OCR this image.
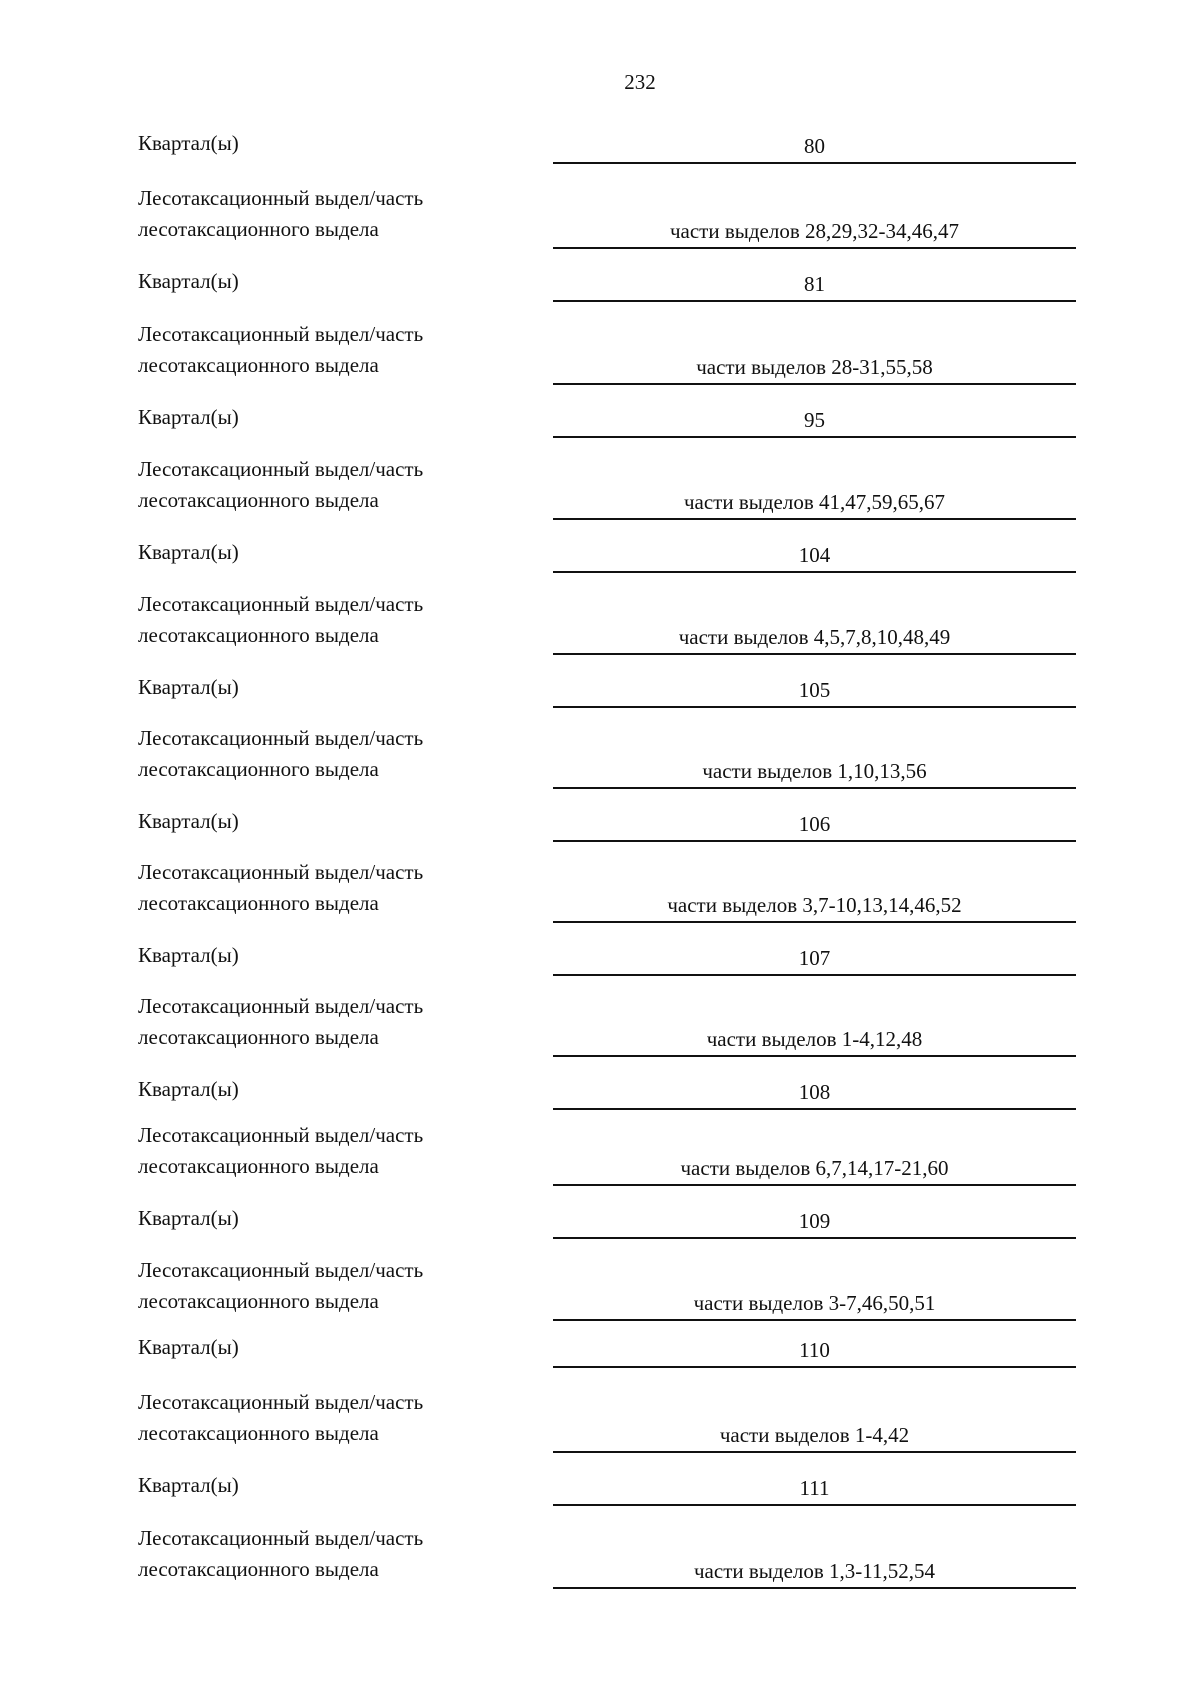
232
Квартал(ы)	80
Лесотаксационный выдел/часть
лесотаксационного выдела	части выделов 28,29,32-34,46,47
Квартал(ы)	81
Лесотаксационный выдел/часть
лесотаксационного выдела	части выделов 28-31,55,58
Квартал(ы)	95
Лесотаксационный выдел/часть
лесотаксационного выдела	части выделов 41,47,59,65,67
Квартал(ы)	104
Лесотаксационный выдел/часть
лесотаксационного выдела	части выделов 4,5,7,8,10,48,49
Квартал(ы)	105
Лесотаксационный выдел/часть
лесотаксационного выдела	части выделов 1,10,13,56
Квартал(ы)	106
Лесотаксационный выдел/часть
лесотаксационного выдела	части выделов 3,7-10,13,14,46,52
Квартал(ы)	107
Лесотаксационный выдел/часть
лесотаксационного выдела	части выделов 1-4,12,48
Квартал(ы)	108
Лесотаксационный выдел/часть
лесотаксационного выдела	части выделов 6,7,14,17-21,60
Квартал(ы)	109
Лесотаксационный выдел/часть
лесотаксационного выдела	части выделов 3-7,46,50,51
Квартал(ы)	110
Лесотаксационный выдел/часть
лесотаксационного выдела	части выделов 1-4,42
Квартал(ы)	111
Лесотаксационный выдел/часть
лесотаксационного выдела	части выделов 1,3-11,52,54
